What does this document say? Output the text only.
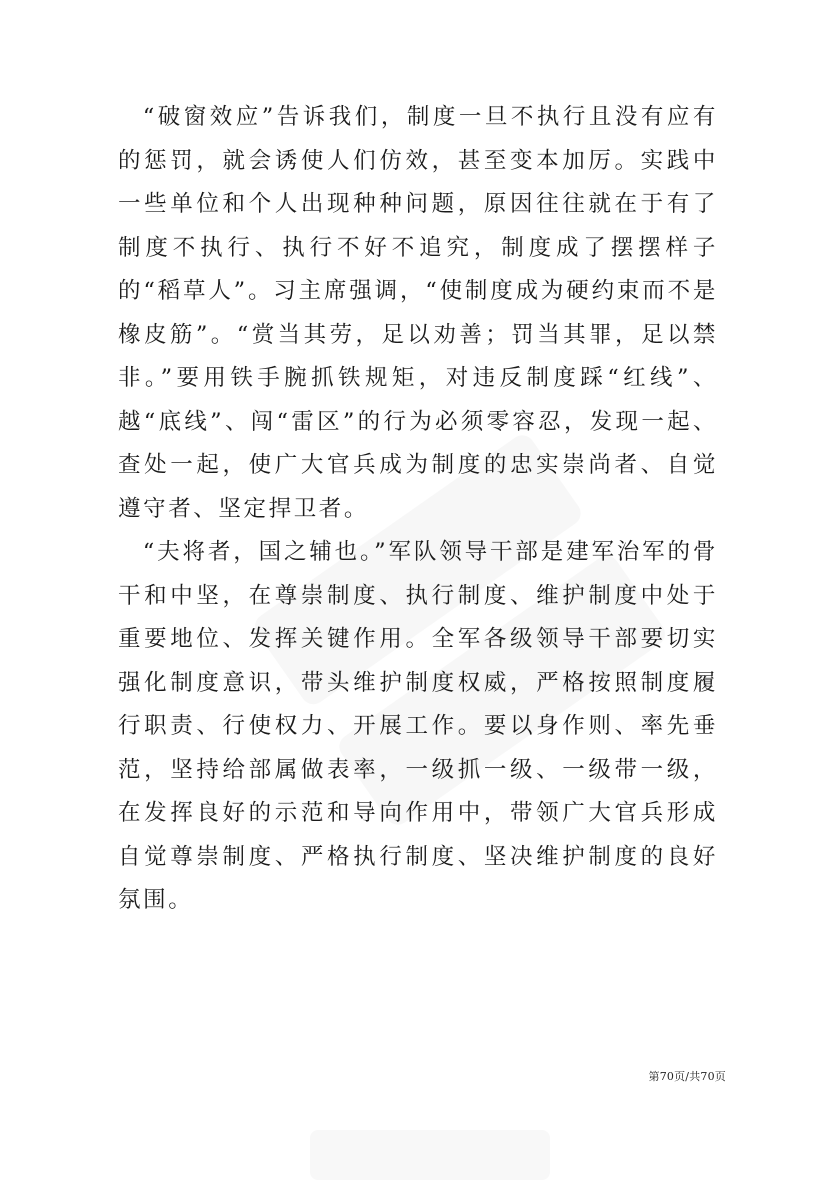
“破窗效应”告诉我们，制度一旦不执行且没有应有的惩罚，就会诱使人们仿效，甚至变本加厉。实践中一些单位和个人出现种种问题，原因往往就在于有了制度不执行、执行不好不追究，制度成了摆摆样子的“稻草人”。习主席强调，“使制度成为硬约束而不是橡皮筋”。“赏当其劳，足以劝善；罚当其罪，足以禁非。”要用铁手腕抓铁规矩，对违反制度踩“红线”、越“底线”、闯“雷区”的行为必须零容忍，发现一起、查处一起，使广大官兵成为制度的忠实崇尚者、自觉遵守者、坚定捍卫者。

“夫将者，国之辅也。”军队领导干部是建军治军的骨干和中坚，在尊崇制度、执行制度、维护制度中处于重要地位、发挥关键作用。全军各级领导干部要切实强化制度意识，带头维护制度权威，严格按照制度履行职责、行使权力、开展工作。要以身作则、率先垂范，坚持给部属做表率，一级抓一级、一级带一级，在发挥良好的示范和导向作用中，带领广大官兵形成自觉尊崇制度、严格执行制度、坚决维护制度的良好氛围。

第70页/共70页
